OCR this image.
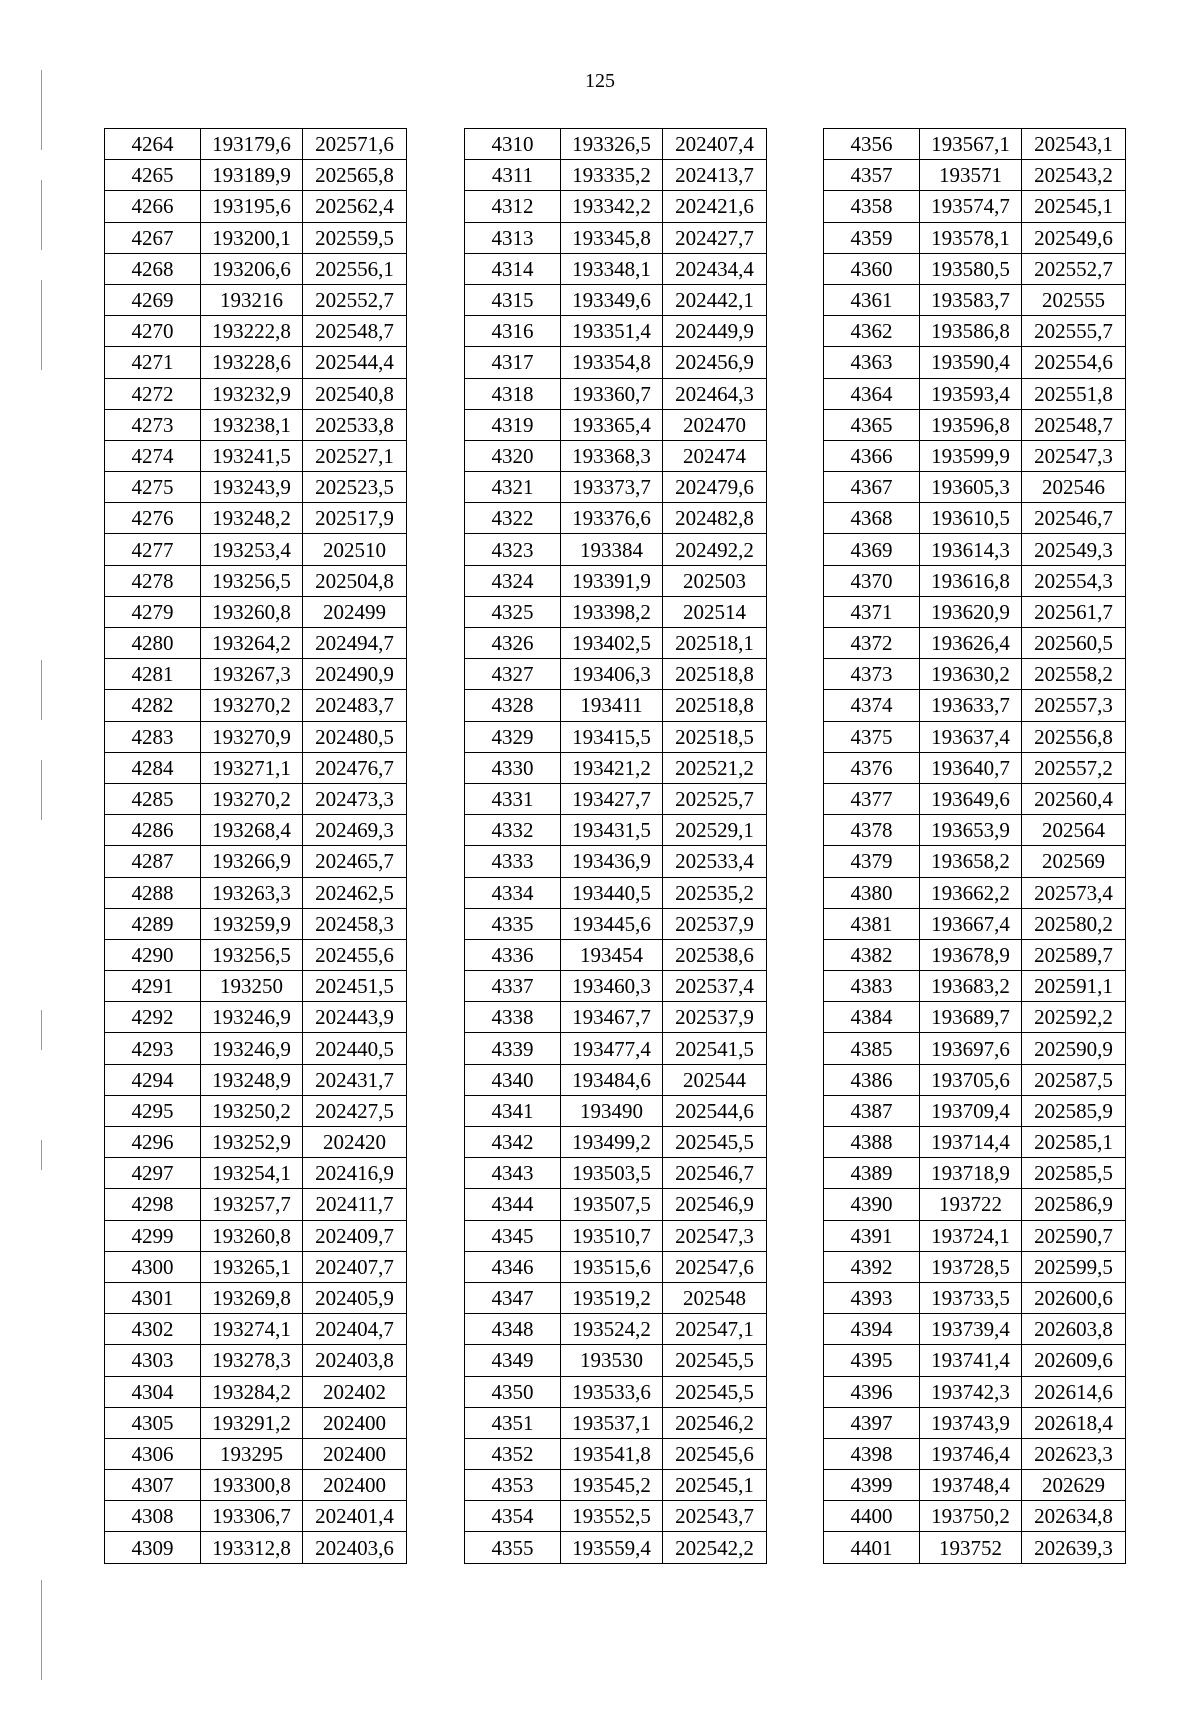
125
4264	193179,6	202571,6
4265	193189,9	202565,8
4266	193195,6	202562,4
4267	193200,1	202559,5
4268	193206,6	202556,1
4269	193216	202552,7
4270	193222,8	202548,7
4271	193228,6	202544,4
4272	193232,9	202540,8
4273	193238,1	202533,8
4274	193241,5	202527,1
4275	193243,9	202523,5
4276	193248,2	202517,9
4277	193253,4	202510
4278	193256,5	202504,8
4279	193260,8	202499
4280	193264,2	202494,7
4281	193267,3	202490,9
4282	193270,2	202483,7
4283	193270,9	202480,5
4284	193271,1	202476,7
4285	193270,2	202473,3
4286	193268,4	202469,3
4287	193266,9	202465,7
4288	193263,3	202462,5
4289	193259,9	202458,3
4290	193256,5	202455,6
4291	193250	202451,5
4292	193246,9	202443,9
4293	193246,9	202440,5
4294	193248,9	202431,7
4295	193250,2	202427,5
4296	193252,9	202420
4297	193254,1	202416,9
4298	193257,7	202411,7
4299	193260,8	202409,7
4300	193265,1	202407,7
4301	193269,8	202405,9
4302	193274,1	202404,7
4303	193278,3	202403,8
4304	193284,2	202402
4305	193291,2	202400
4306	193295	202400
4307	193300,8	202400
4308	193306,7	202401,4
4309	193312,8	202403,6
4310	193326,5	202407,4
4311	193335,2	202413,7
4312	193342,2	202421,6
4313	193345,8	202427,7
4314	193348,1	202434,4
4315	193349,6	202442,1
4316	193351,4	202449,9
4317	193354,8	202456,9
4318	193360,7	202464,3
4319	193365,4	202470
4320	193368,3	202474
4321	193373,7	202479,6
4322	193376,6	202482,8
4323	193384	202492,2
4324	193391,9	202503
4325	193398,2	202514
4326	193402,5	202518,1
4327	193406,3	202518,8
4328	193411	202518,8
4329	193415,5	202518,5
4330	193421,2	202521,2
4331	193427,7	202525,7
4332	193431,5	202529,1
4333	193436,9	202533,4
4334	193440,5	202535,2
4335	193445,6	202537,9
4336	193454	202538,6
4337	193460,3	202537,4
4338	193467,7	202537,9
4339	193477,4	202541,5
4340	193484,6	202544
4341	193490	202544,6
4342	193499,2	202545,5
4343	193503,5	202546,7
4344	193507,5	202546,9
4345	193510,7	202547,3
4346	193515,6	202547,6
4347	193519,2	202548
4348	193524,2	202547,1
4349	193530	202545,5
4350	193533,6	202545,5
4351	193537,1	202546,2
4352	193541,8	202545,6
4353	193545,2	202545,1
4354	193552,5	202543,7
4355	193559,4	202542,2
4356	193567,1	202543,1
4357	193571	202543,2
4358	193574,7	202545,1
4359	193578,1	202549,6
4360	193580,5	202552,7
4361	193583,7	202555
4362	193586,8	202555,7
4363	193590,4	202554,6
4364	193593,4	202551,8
4365	193596,8	202548,7
4366	193599,9	202547,3
4367	193605,3	202546
4368	193610,5	202546,7
4369	193614,3	202549,3
4370	193616,8	202554,3
4371	193620,9	202561,7
4372	193626,4	202560,5
4373	193630,2	202558,2
4374	193633,7	202557,3
4375	193637,4	202556,8
4376	193640,7	202557,2
4377	193649,6	202560,4
4378	193653,9	202564
4379	193658,2	202569
4380	193662,2	202573,4
4381	193667,4	202580,2
4382	193678,9	202589,7
4383	193683,2	202591,1
4384	193689,7	202592,2
4385	193697,6	202590,9
4386	193705,6	202587,5
4387	193709,4	202585,9
4388	193714,4	202585,1
4389	193718,9	202585,5
4390	193722	202586,9
4391	193724,1	202590,7
4392	193728,5	202599,5
4393	193733,5	202600,6
4394	193739,4	202603,8
4395	193741,4	202609,6
4396	193742,3	202614,6
4397	193743,9	202618,4
4398	193746,4	202623,3
4399	193748,4	202629
4400	193750,2	202634,8
4401	193752	202639,3
